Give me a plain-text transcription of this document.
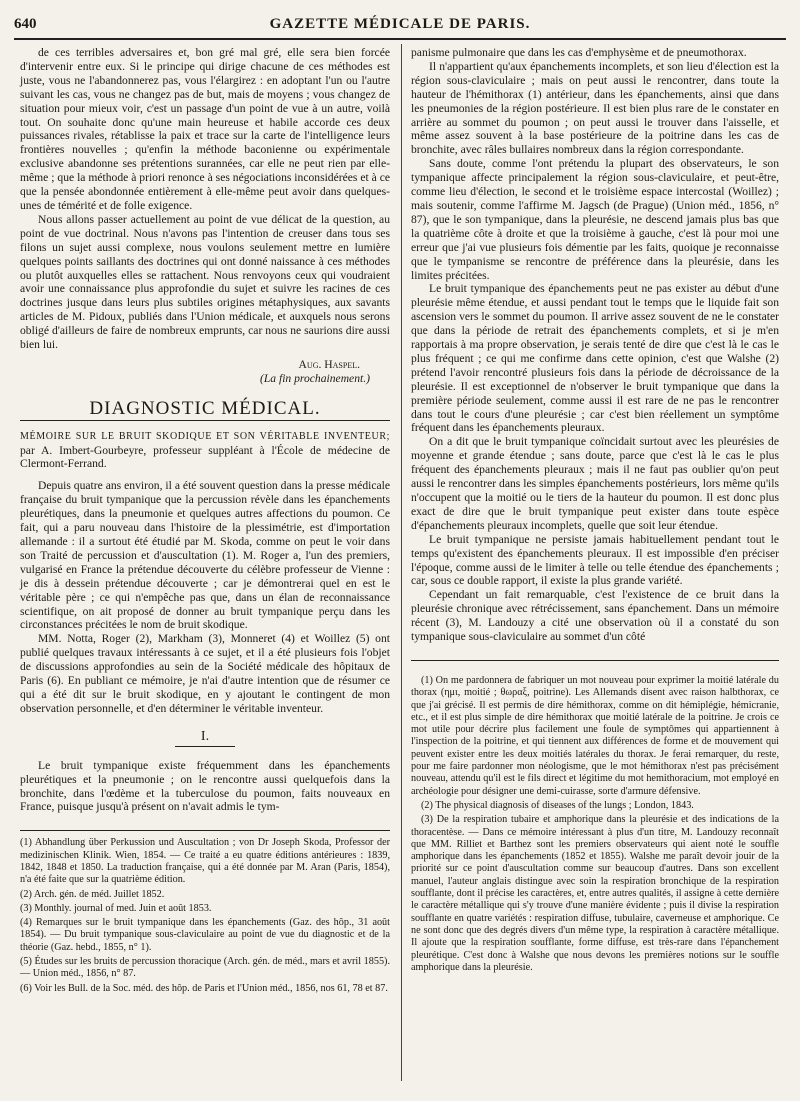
640	GAZETTE MÉDICALE DE PARIS.

de ces terribles adversaires et, bon gré mal gré, elle sera bien forcée d'intervenir entre eux. Si le principe qui dirige chacune de ces méthodes est juste, vous ne l'abandonnerez pas, vous l'élargirez : en adoptant l'un ou l'autre suivant les cas, vous ne changez pas de but, mais de moyens ; vous changez de situation pour mieux voir, c'est un passage d'un point de vue à un autre, voilà tout. On souhaite donc qu'une main heureuse et habile accorde ces deux puissances rivales, rétablisse la paix et trace sur la carte de l'intelligence leurs frontières nouvelles ; qu'enfin la méthode baconienne ou expérimentale exclusive abandonne ses prétentions surannées, car elle ne peut rien par elle-même ; que la méthode à priori renonce à ses négociations inconsidérées et à ce que la pensée abondonnée entièrement à elle-même peut avoir dans quelques-unes de témérité et de folle exigence.

Nous allons passer actuellement au point de vue délicat de la question, au point de vue doctrinal. Nous n'avons pas l'intention de creuser dans tous ses filons un sujet aussi complexe, nous voulons seulement mettre en lumière quelques points saillants des doctrines qui ont donné naissance à ces méthodes ou plutôt auxquelles elles se rattachent. Nous renvoyons ceux qui voudraient avoir une connaissance plus approfondie du sujet et suivre les racines de ces doctrines jusque dans leurs plus subtiles origines métaphysiques, aux savants articles de M. Pidoux, publiés dans l'Union médicale, et auxquels nous serons obligé d'ailleurs de faire de nombreux emprunts, car nous ne saurions dire aussi bien lui.

Aug. Haspel.
(La fin prochainement.)
DIAGNOSTIC MÉDICAL.
MÉMOIRE SUR LE BRUIT SKODIQUE ET SON VÉRITABLE INVENTEUR; par A. Imbert-Gourbeyre, professeur suppléant à l'École de médecine de Clermont-Ferrand.

Depuis quatre ans environ, il a été souvent question dans la presse médicale française du bruit tympanique que la percussion révèle dans les épanchements pleurétiques, dans la pneumonie et quelques autres affections du poumon. Ce fait, qui a paru nouveau dans l'histoire de la plessimétrie, est d'importation allemande : il a surtout été étudié par M. Skoda, comme on peut le voir dans son Traité de percussion et d'auscultation (1). M. Roger a, l'un des premiers, vulgarisé en France la prétendue découverte du célèbre professeur de Vienne : je dis à dessein prétendue découverte ; car je démontrerai quel en est le véritable père ; ce qui n'empêche pas que, dans un élan de reconnaissance scientifique, on ait proposé de donner au bruit tympanique perçu dans les circonstances précitées le nom de bruit skodique.

MM. Notta, Roger (2), Markham (3), Monneret (4) et Woillez (5) ont publié quelques travaux intéressants à ce sujet, et il a été plusieurs fois l'objet de discussions approfondies au sein de la Société médicale des hôpitaux de Paris (6). En publiant ce mémoire, je n'ai d'autre intention que de résumer ce qui a été dit sur le bruit skodique, en y ajoutant le contingent de mon observation personnelle, et d'en déterminer le véritable inventeur.

I.

Le bruit tympanique existe fréquemment dans les épanchements pleurétiques et la pneumonie ; on le rencontre aussi quelquefois dans la bronchite, dans l'œdème et la tuberculose du poumon, faits nouveaux en France, puisque jusqu'à présent on n'avait admis le tym-

(1) Abhandlung über Perkussion und Auscultation ; von Dr Joseph Skoda, Professor der medizinischen Klinik. Wien, 1854. — Ce traité a eu quatre éditions antérieures : 1839, 1842, 1848 et 1850. La traduction française, qui a été donnée par M. Aran (Paris, 1854), n'a été faite que sur la quatrième édition.

(2) Arch. gén. de méd. Juillet 1852.

(3) Monthly. journal of med. Juin et août 1853.

(4) Remarques sur le bruit tympanique dans les épanchements (Gaz. des hôp., 31 août 1854). — Du bruit tympanique sous-claviculaire au point de vue du diagnostic et de la théorie (Gaz. hebd., 1855, n° 1).

(5) Études sur les bruits de percussion thoracique (Arch. gén. de méd., mars et avril 1855). — Union méd., 1856, n° 87.

(6) Voir les Bull. de la Soc. méd. des hôp. de Paris et l'Union méd., 1856, nos 61, 78 et 87.

panisme pulmonaire que dans les cas d'emphysème et de pneumothorax.

Il n'appartient qu'aux épanchements incomplets, et son lieu d'élection est la région sous-claviculaire ; mais on peut aussi le rencontrer, dans toute la hauteur de l'hémithorax (1) antérieur, dans les épanchements, ainsi que dans les pneumonies de la région postérieure. Il est bien plus rare de le constater en arrière au sommet du poumon ; on peut aussi le trouver dans l'aisselle, et même assez souvent à la base postérieure de la poitrine dans les cas de bronchite, avec râles bullaires nombreux dans la région correspondante.

Sans doute, comme l'ont prétendu la plupart des observateurs, le son tympanique affecte principalement la région sous-claviculaire, et peut-être, comme lieu d'élection, le second et le troisième espace intercostal (Woillez) ; mais soutenir, comme l'affirme M. Jagsch (de Prague) (Union méd., 1856, n° 87), que le son tympanique, dans la pleurésie, ne descend jamais plus bas que la quatrième côte à droite et que la troisième à gauche, c'est là pour moi une erreur que j'ai vue plusieurs fois démentie par les faits, quoique je reconnaisse que le tympanisme se rencontre de préférence dans la pleurésie, dans les limites précitées.

Le bruit tympanique des épanchements peut ne pas exister au début d'une pleurésie même étendue, et aussi pendant tout le temps que le liquide fait son ascension vers le sommet du poumon. Il arrive assez souvent de ne le constater que dans la période de retrait des épanchements complets, et si je m'en rapportais à ma propre observation, je serais tenté de dire que c'est là le cas le plus fréquent ; ce qui me confirme dans cette opinion, c'est que Walshe (2) prétend l'avoir rencontré plusieurs fois dans la période de décroissance de la pleurésie. Il est exceptionnel de n'observer le bruit tympanique que dans la première période seulement, comme aussi il est rare de ne pas le rencontrer dans tout le cours d'une pleurésie ; car c'est bien réellement un symptôme fréquent dans les épanchements pleuraux.

On a dit que le bruit tympanique coïncidait surtout avec les pleurésies de moyenne et grande étendue ; sans doute, parce que c'est là le cas le plus fréquent des épanchements pleuraux ; mais il ne faut pas oublier qu'on peut aussi le rencontrer dans les simples épanchements postérieurs, lors même qu'ils n'occupent que la moitié ou le tiers de la hauteur du poumon. Il est donc plus exact de dire que le bruit tympanique peut exister dans toute espèce d'épanchements pleuraux incomplets, quelle que soit leur étendue.

Le bruit tympanique ne persiste jamais habituellement pendant tout le temps qu'existent des épanchements pleuraux. Il est impossible d'en préciser l'époque, comme aussi de le limiter à telle ou telle étendue des épanchements ; car, sous ce double rapport, il existe la plus grande variété.

Cependant un fait remarquable, c'est l'existence de ce bruit dans la pleurésie chronique avec rétrécissement, sans épanchement. Dans un mémoire récent (3), M. Landouzy a cité une observation où il a constaté du son tympanique sous-claviculaire au sommet d'un côté

(1) On me pardonnera de fabriquer un mot nouveau pour exprimer la moitié latérale du thorax (ημι, moitié ; θωραξ, poitrine). Les Allemands disent avec raison halbthorax, ce que j'ai grécisé. Il est permis de dire hémithorax, comme on dit hémiplégie, hémicranie, etc., et il est plus simple de dire hémithorax que moitié latérale de la poitrine. Je crois ce mot utile pour décrire plus facilement une foule de symptômes qui appartiennent à l'inspection de la poitrine, et qui tiennent aux différences de forme et de mouvement qui peuvent exister entre les deux moitiés latérales du thorax. Je ferai remarquer, du reste, pour me faire pardonner mon néologisme, que le mot hémithorax n'est pas précisément nouveau, attendu qu'il est le fils direct et légitime du mot hemithoracium, mot employé en archéologie pour désigner une demi-cuirasse, sorte d'armure défensive.

(2) The physical diagnosis of diseases of the lungs ; London, 1843.

(3) De la respiration tubaire et amphorique dans la pleurésie et des indications de la thoracentèse. — Dans ce mémoire intéressant à plus d'un titre, M. Landouzy reconnaît que MM. Rilliet et Barthez sont les premiers observateurs qui aient noté le souffle amphorique dans les épanchements (1852 et 1855). Walshe me paraît devoir jouir de la priorité sur ce point d'auscultation comme sur beaucoup d'autres. Dans son excellent manuel, l'auteur anglais distingue avec soin la respiration bronchique de la respiration soufflante, dont il précise les caractères, et, entre autres qualités, il assigne à cette dernière le caractère métallique qui s'y trouve d'une manière évidente ; puis il divise la respiration soufflante en quatre variétés : respiration diffuse, tubulaire, caverneuse et amphorique. Ce ne sont donc que des degrés divers d'un même type, la respiration à caractère métallique. Il ajoute que la respiration soufflante, forme diffuse, est très-rare dans l'épanchement pleurétique. C'est donc à Walshe que nous devons les premières notions sur le souffle amphorique dans la pleurésie.
